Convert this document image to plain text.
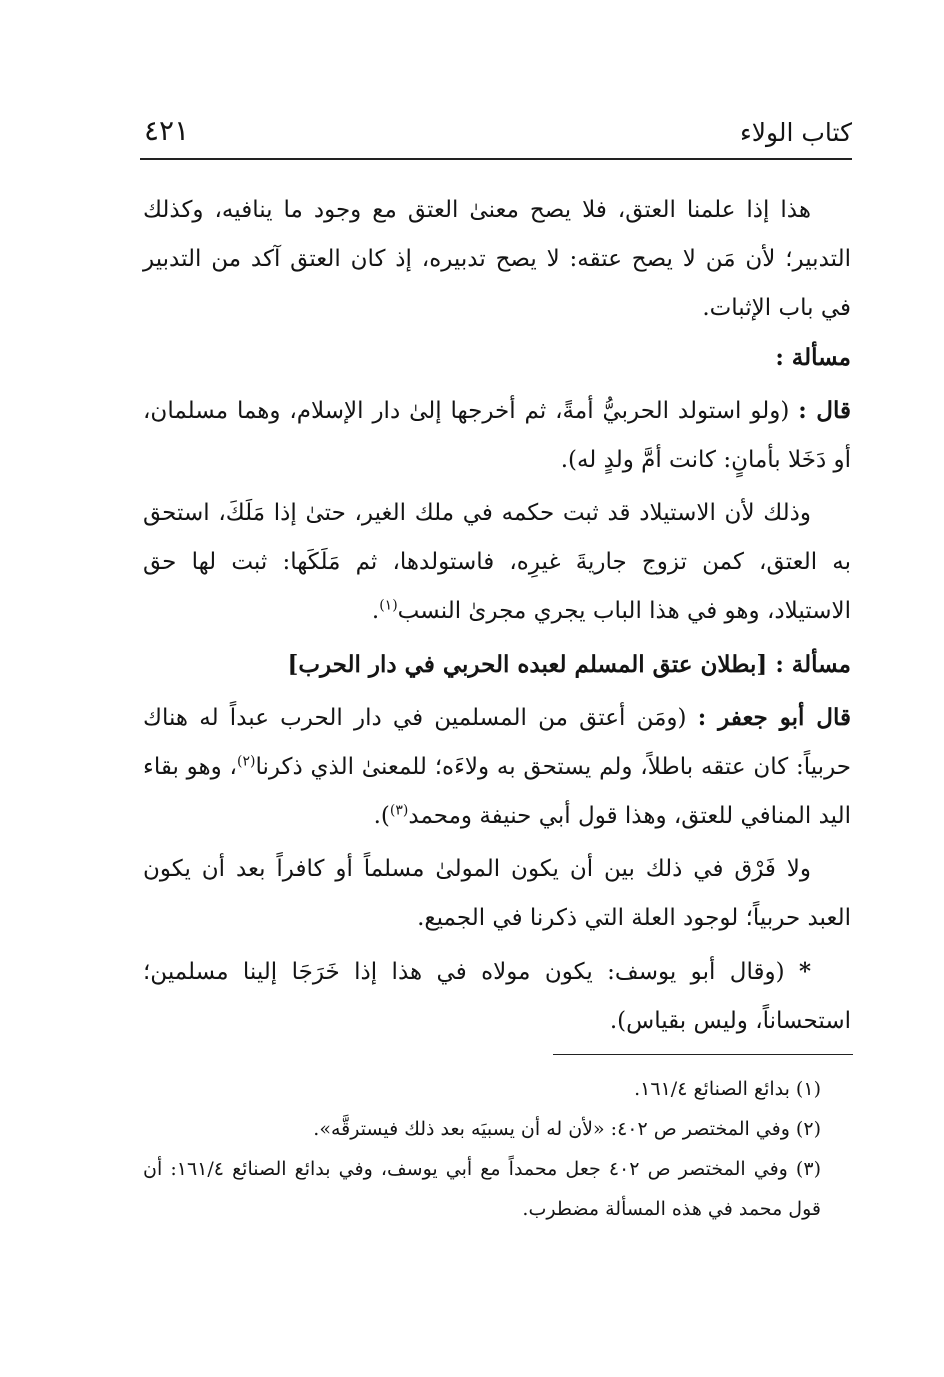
كتاب الولاء
٤٢١

هذا إذا علمنا العتق، فلا يصح معنىٰ العتق مع وجود ما ينافيه، وكذلك التدبير؛ لأن مَن لا يصح عتقه: لا يصح تدبيره، إذ كان العتق آكد من التدبير في باب الإثبات.

مسألة :

قال : (ولو استولد الحربيُّ أمةً، ثم أخرجها إلىٰ دار الإسلام، وهما مسلمان، أو دَخَلا بأمانٍ: كانت أمَّ ولدٍ له).

وذلك لأن الاستيلاد قد ثبت حكمه في ملك الغير، حتىٰ إذا مَلَكَ، استحق به العتق، كمن تزوج جاريةَ غيرِه، فاستولدها، ثم مَلَكَها: ثبت لها حق الاستيلاد، وهو في هذا الباب يجري مجرىٰ النسب$^{(١)}$.

مسألة : [بطلان عتق المسلم لعبده الحربي في دار الحرب]

قال أبو جعفر : (ومَن أعتق من المسلمين في دار الحرب عبداً له هناك حربياً: كان عتقه باطلاً، ولم يستحق به ولاءَه؛ للمعنىٰ الذي ذكرنا$^{(٢)}$، وهو بقاء اليد المنافي للعتق، وهذا قول أبي حنيفة ومحمد$^{(٣)}$).

ولا فَرْق في ذلك بين أن يكون المولىٰ مسلماً أو كافراً بعد أن يكون العبد حربياً؛ لوجود العلة التي ذكرنا في الجميع.

* (وقال أبو يوسف: يكون مولاه في هذا إذا خَرَجَا إلينا مسلمين؛ استحساناً، وليس بقياس).

(١) بدائع الصنائع ١٦١/٤.

(٢) وفي المختصر ص ٤٠٢: «لأن له أن يسبيَه بعد ذلك فيسترقَّه».

(٣) وفي المختصر ص ٤٠٢ جعل محمداً مع أبي يوسف، وفي بدائع الصنائع ١٦١/٤: أن قول محمد في هذه المسألة مضطرب.
